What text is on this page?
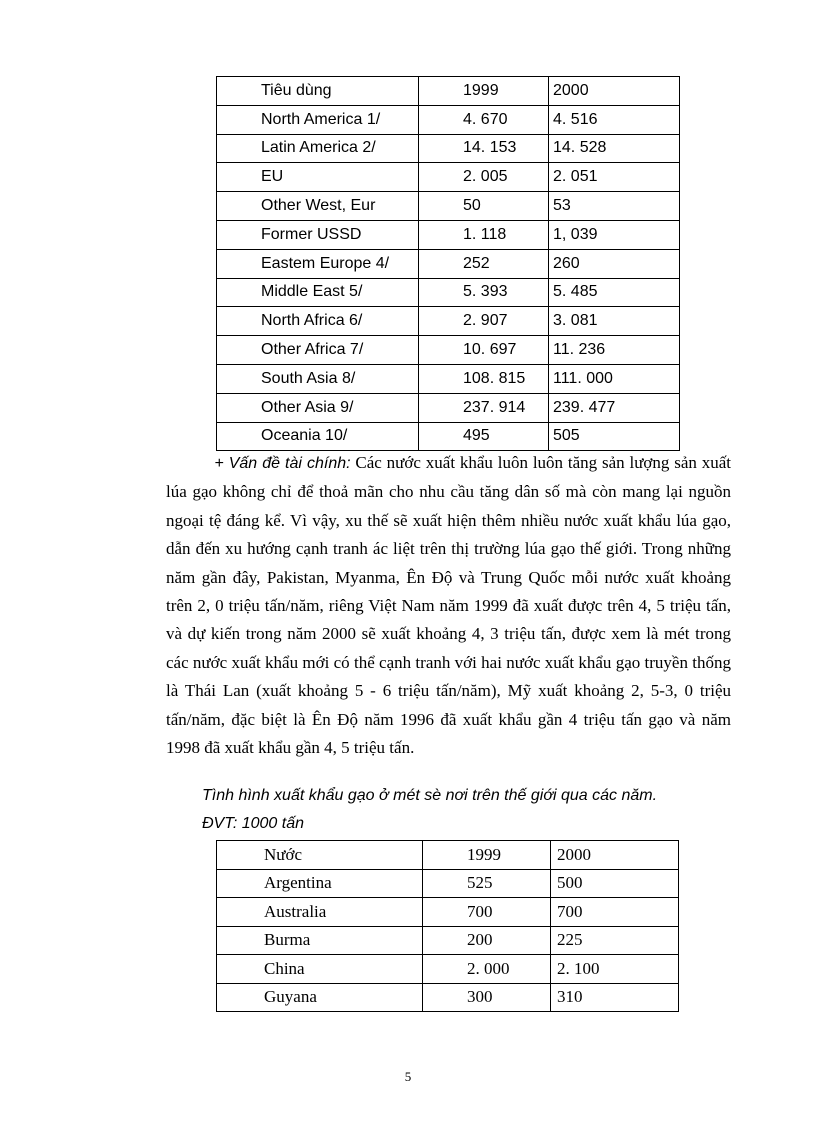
Tiêu dùng	1999	2000
North America 1/	4. 670	4. 516
Latin America 2/	14. 153	14. 528
EU	2. 005	2. 051
Other West, Eur	50	53
Former USSD	1. 118	1, 039
Eastem Europe 4/	252	260
Middle East 5/	5. 393	5. 485
North Africa 6/	2. 907	3. 081
Other Africa 7/	10. 697	11. 236
South Asia 8/	108. 815	111. 000
Other Asia 9/	237. 914	239. 477
Oceania 10/	495	505
+ Vấn đề tài chính: Các nước xuất khẩu luôn luôn tăng sản lượng sản xuất lúa gạo không chỉ để thoả mãn cho nhu cầu tăng dân số mà còn mang lại nguồn ngoại tệ đáng kể. Vì vậy, xu thế sẽ xuất hiện thêm nhiều nước xuất khẩu lúa gạo, dẫn đến xu hướng cạnh tranh ác liệt trên thị trường lúa gạo thế giới. Trong những năm gần đây, Pakistan, Myanma, Ên Độ và Trung Quốc mỗi nước xuất khoảng trên 2, 0 triệu tấn/năm, riêng Việt Nam năm 1999 đã xuất được trên 4, 5 triệu tấn, và dự kiến trong năm 2000 sẽ xuất khoảng 4, 3 triệu tấn, được xem là mét trong các nước xuất khẩu mới có thể cạnh tranh với hai nước xuất khẩu gạo truyền thống là Thái Lan (xuất khoảng 5 - 6 triệu tấn/năm), Mỹ xuất khoảng 2, 5-3, 0 triệu tấn/năm, đặc biệt là Ên Độ năm 1996 đã xuất khẩu gần 4 triệu tấn gạo và năm 1998 đã xuất khẩu gần 4, 5 triệu tấn.
Tình hình xuất khẩu gạo ở mét sè nơi trên thế giới qua các năm.
ĐVT: 1000 tấn
Nước	1999	2000
Argentina	525	500
Australia	700	700
Burma	200	225
China	2. 000	2. 100
Guyana	300	310
5
